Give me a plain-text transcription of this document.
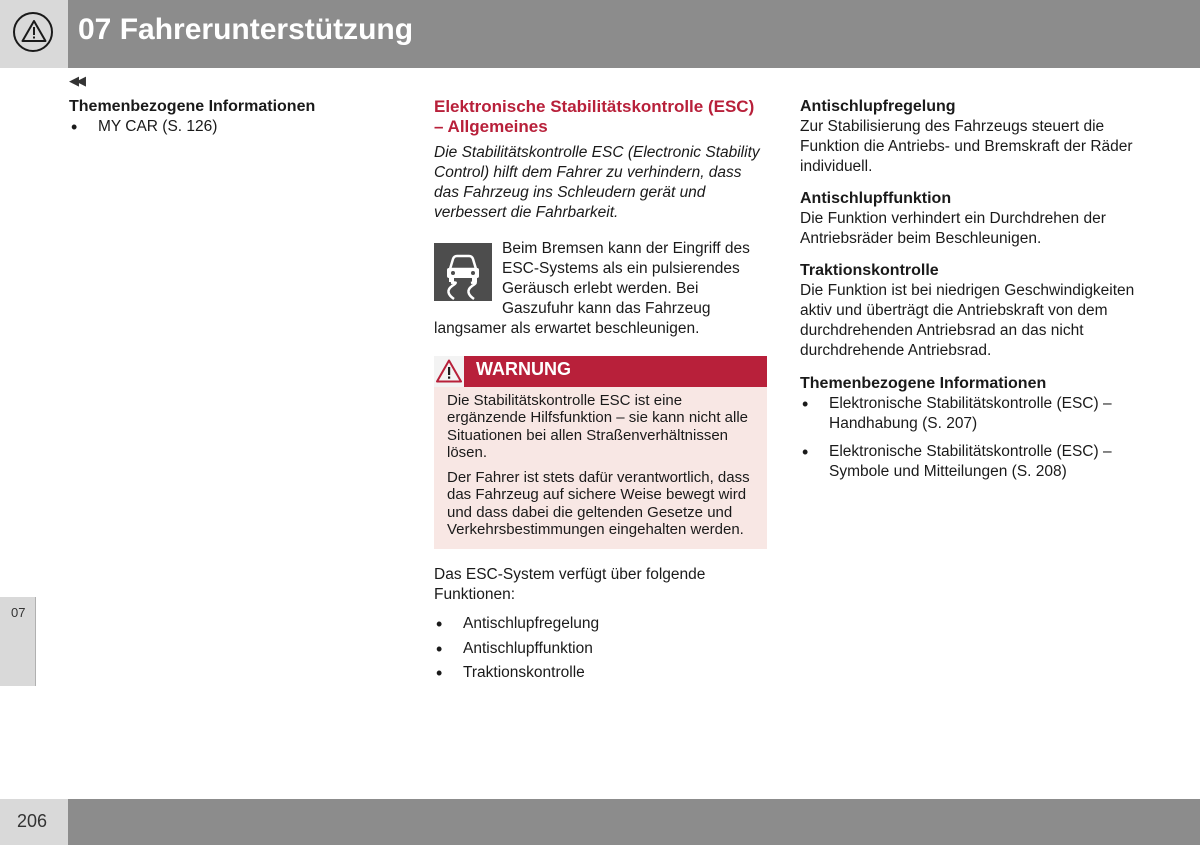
07 Fahrerunterstützung
◀◀

Themenbezogene Informationen

• MY CAR (S. 126)

Elektronische Stabilitätskontrolle (ESC) – Allgemeines

Die Stabilitätskontrolle ESC (Electronic Stability Control) hilft dem Fahrer zu verhindern, dass das Fahrzeug ins Schleudern gerät und verbessert die Fahrbarkeit.

Beim Bremsen kann der Eingriff des ESC-Systems als ein pulsierendes Geräusch erlebt werden. Bei Gaszufuhr kann das Fahrzeug langsamer als erwartet beschleunigen.

WARNUNG

Die Stabilitätskontrolle ESC ist eine ergänzende Hilfsfunktion – sie kann nicht alle Situationen bei allen Straßenverhältnissen lösen.

Der Fahrer ist stets dafür verantwortlich, dass das Fahrzeug auf sichere Weise bewegt wird und dass dabei die geltenden Gesetze und Verkehrsbestimmungen eingehalten werden.

Das ESC-System verfügt über folgende Funktionen:

• Antischlupfregelung
• Antischlupffunktion
• Traktionskontrolle

Antischlupfregelung

Zur Stabilisierung des Fahrzeugs steuert die Funktion die Antriebs- und Bremskraft der Räder individuell.

Antischlupffunktion

Die Funktion verhindert ein Durchdrehen der Antriebsräder beim Beschleunigen.

Traktionskontrolle

Die Funktion ist bei niedrigen Geschwindigkeiten aktiv und überträgt die Antriebskraft von dem durchdrehenden Antriebsrad an das nicht durchdrehende Antriebsrad.

Themenbezogene Informationen

• Elektronische Stabilitätskontrolle (ESC) – Handhabung (S. 207)
• Elektronische Stabilitätskontrolle (ESC) – Symbole und Mitteilungen (S. 208)
07
206
